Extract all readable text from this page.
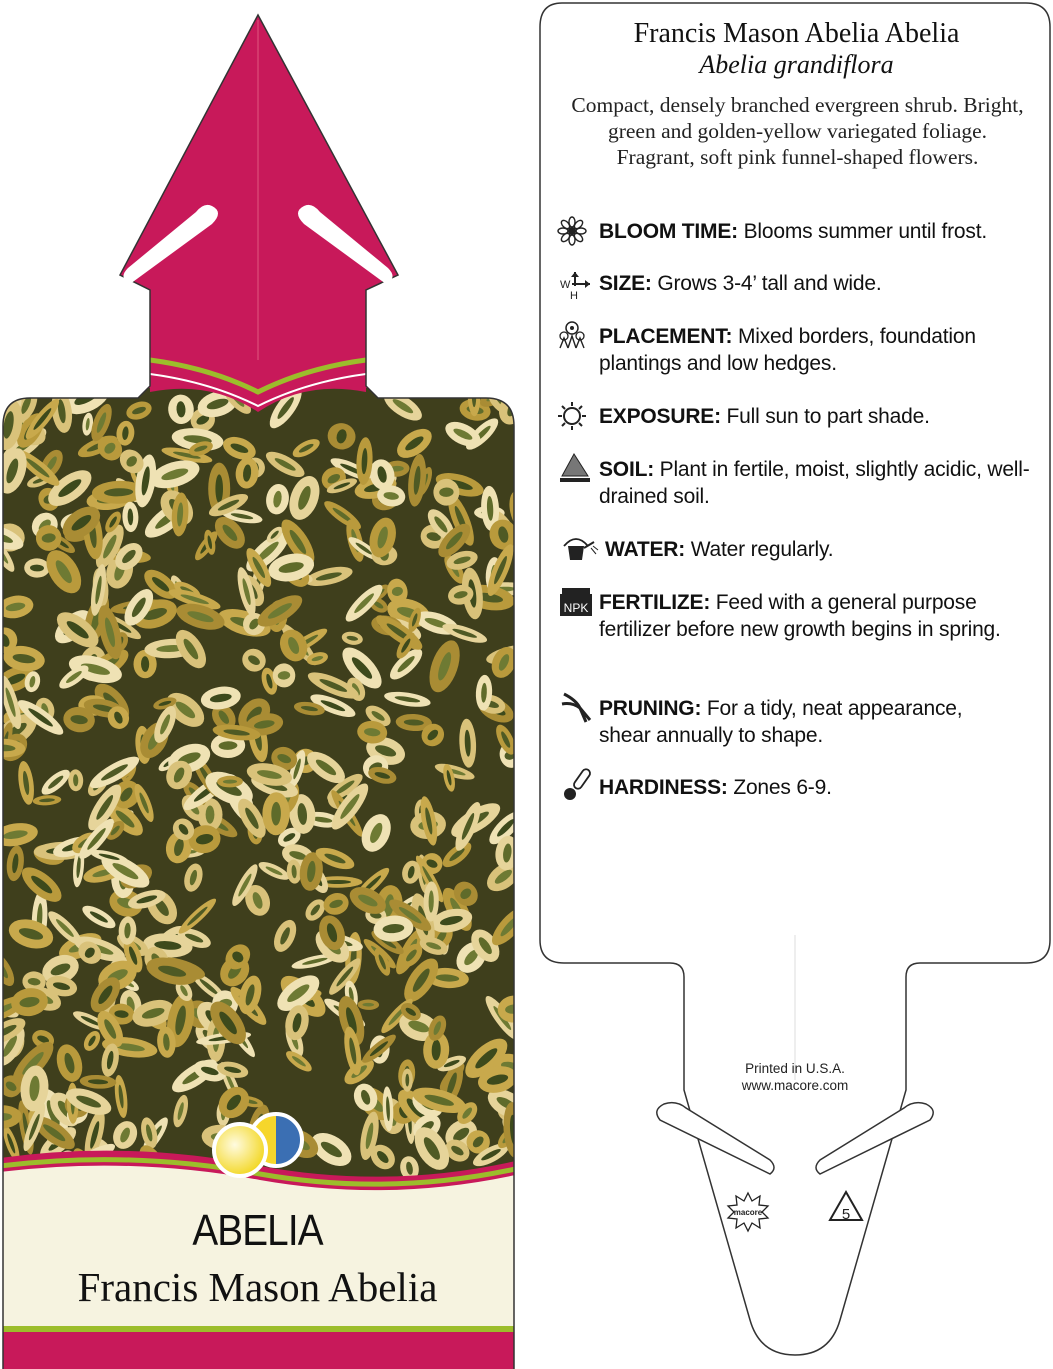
macore	5
W
H
NPK
ABELIA
Francis Mason Abelia
Francis Mason Abelia Abelia
Abelia grandiflora
Compact, densely branched evergreen shrub. Bright, green and golden-yellow variegated foliage. Fragrant, soft pink funnel-shaped flowers.
BLOOM TIME: Blooms summer until frost.
SIZE: Grows 3-4’ tall and wide.
PLACEMENT: Mixed borders, foundation plantings and low hedges.
EXPOSURE: Full sun to part shade.
SOIL: Plant in fertile, moist, slightly acidic, well-drained soil.
WATER: Water regularly.
FERTILIZE: Feed with a general purpose fertilizer before new growth begins in spring.
PRUNING: For a tidy, neat appearance, shear annually to shape.
HARDINESS: Zones 6-9.
Printed in U.S.A.
www.macore.com
